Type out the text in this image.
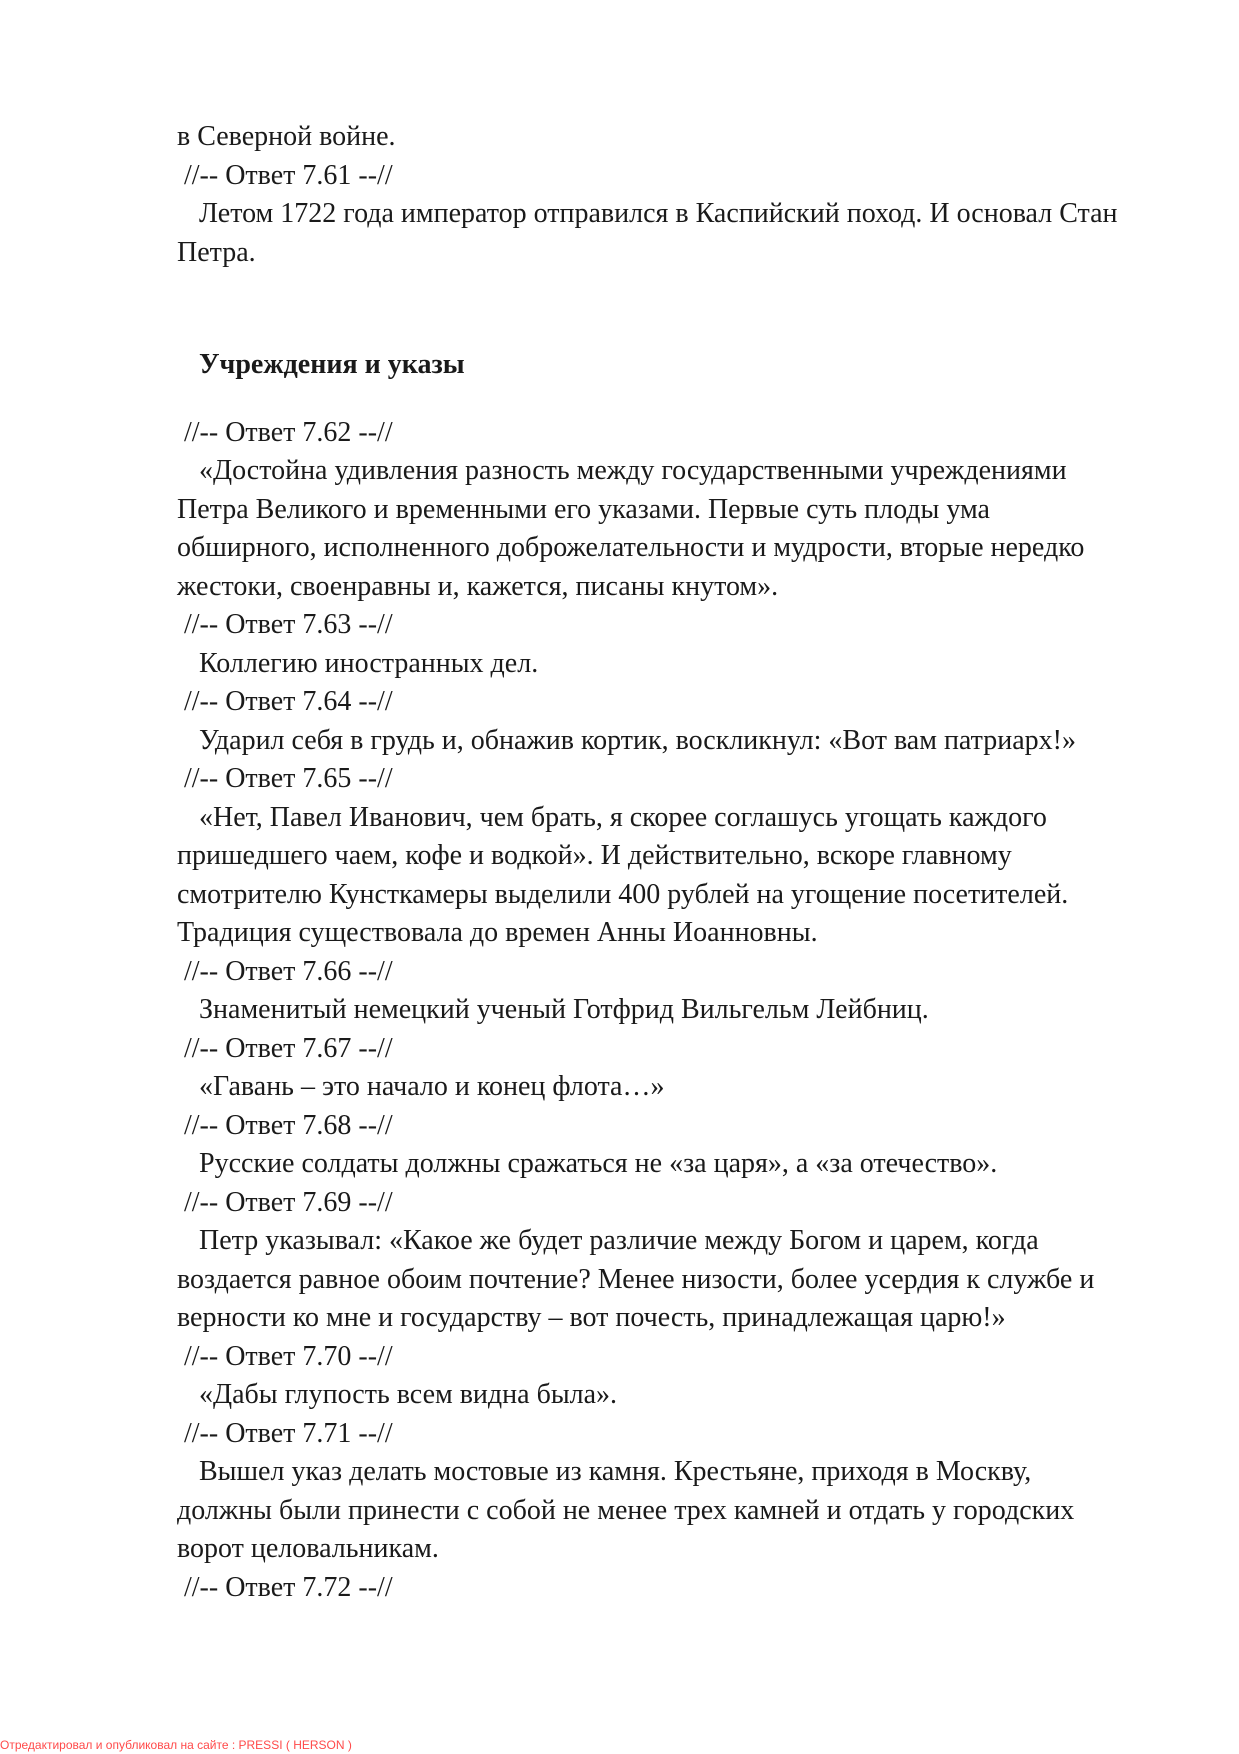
в Северной войне.
//-- Ответ 7.61 --//
Летом 1722 года император отправился в Каспийский поход. И основал Стан Петра.
Учреждения и указы
//-- Ответ 7.62 --//
«Достойна удивления разность между государственными учреждениями
Петра Великого и временными его указами. Первые суть плоды ума
обширного, исполненного доброжелательности и мудрости, вторые нередко
жестоки, своенравны и, кажется, писаны кнутом».
//-- Ответ 7.63 --//
Коллегию иностранных дел.
//-- Ответ 7.64 --//
Ударил себя в грудь и, обнажив кортик, воскликнул: «Вот вам патриарх!»
//-- Ответ 7.65 --//
«Нет, Павел Иванович, чем брать, я скорее соглашусь угощать каждого
пришедшего чаем, кофе и водкой». И действительно, вскоре главному
смотрителю Кунсткамеры выделили 400 рублей на угощение посетителей.
Традиция существовала до времен Анны Иоанновны.
//-- Ответ 7.66 --//
Знаменитый немецкий ученый Готфрид Вильгельм Лейбниц.
//-- Ответ 7.67 --//
«Гавань – это начало и конец флота…»
//-- Ответ 7.68 --//
Русские солдаты должны сражаться не «за царя», а «за отечество».
//-- Ответ 7.69 --//
Петр указывал: «Какое же будет различие между Богом и царем, когда
воздается равное обоим почтение? Менее низости, более усердия к службе и
верности ко мне и государству – вот почесть, принадлежащая царю!»
//-- Ответ 7.70 --//
«Дабы глупость всем видна была».
//-- Ответ 7.71 --//
Вышел указ делать мостовые из камня. Крестьяне, приходя в Москву,
должны были принести с собой не менее трех камней и отдать у городских
ворот целовальникам.
//-- Ответ 7.72 --//
Отредактировал и опубликовал на сайте : PRESSI ( HERSON )
